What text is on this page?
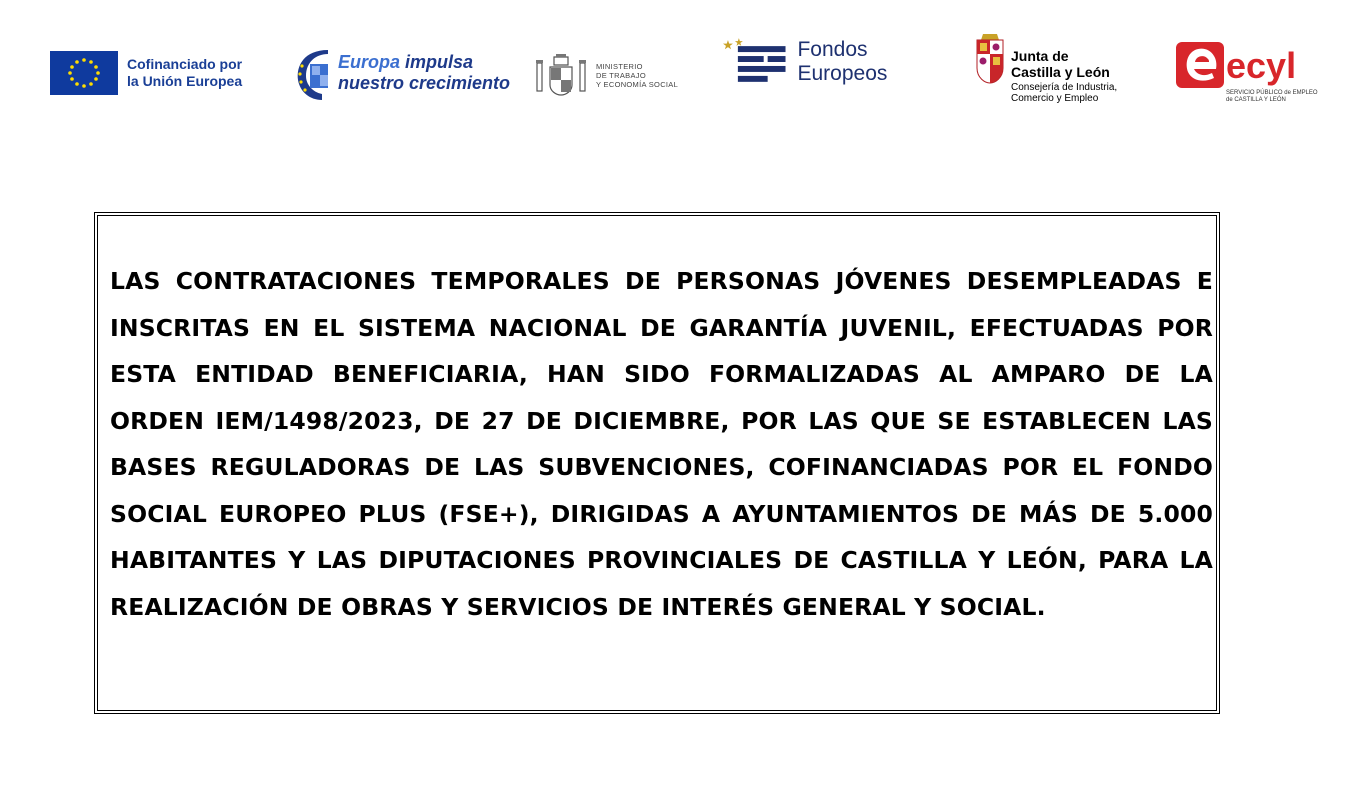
Cofinanciado por
la Unión Europea
Europa impulsa
nuestro crecimiento
MINISTERIO
DE TRABAJO
Y ECONOMÍA SOCIAL
Fondos Europeos
Junta de
Castilla y León
Consejería de Industria,
Comercio y Empleo
ecyl
SERVICIO PÚBLICO de EMPLEO
de CASTILLA Y LEÓN
LAS CONTRATACIONES TEMPORALES DE PERSONAS JÓVENES DESEMPLEADAS E INSCRITAS EN EL SISTEMA NACIONAL DE GARANTÍA JUVENIL, EFECTUADAS POR ESTA ENTIDAD BENEFICIARIA, HAN SIDO FORMALIZADAS AL AMPARO DE LA ORDEN IEM/1498/2023, DE 27 DE DICIEMBRE, POR LAS QUE SE ESTABLECEN LAS BASES REGULADORAS DE LAS SUBVENCIONES, COFINANCIADAS POR EL FONDO SOCIAL EUROPEO PLUS (FSE+), DIRIGIDAS A AYUNTAMIENTOS DE MÁS DE 5.000 HABITANTES Y LAS DIPUTACIONES PROVINCIALES DE CASTILLA Y LEÓN, PARA LA REALIZACIÓN DE OBRAS Y SERVICIOS DE INTERÉS GENERAL Y SOCIAL.
